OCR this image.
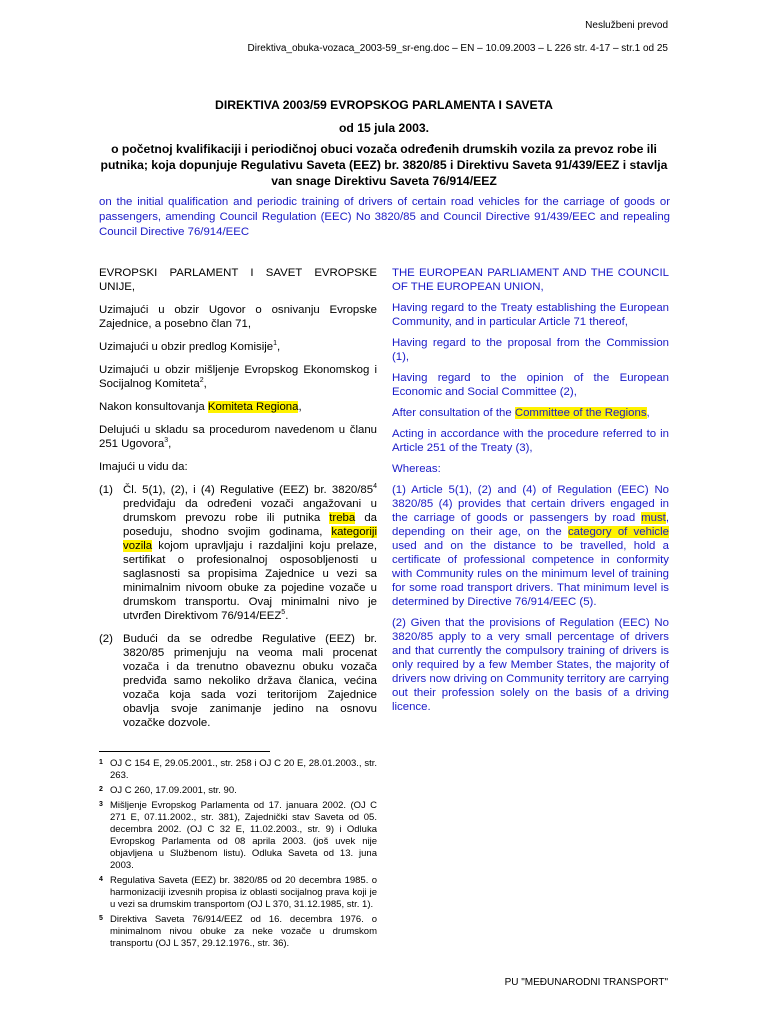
Neslužbeni prevod
Direktiva_obuka-vozaca_2003-59_sr-eng.doc – EN – 10.09.2003 – L 226 str. 4-17 – str.1 od 25
DIREKTIVA 2003/59 EVROPSKOG PARLAMENTA I SAVETA
od 15 jula 2003.
o početnoj kvalifikaciji i periodičnoj obuci vozača određenih drumskih vozila za prevoz robe ili putnika; koja dopunjuje Regulativu Saveta (EEZ) br. 3820/85 i Direktivu Saveta 91/439/EEZ i stavlja van snage Direktivu Saveta 76/914/EEZ
on the initial qualification and periodic training of drivers of certain road vehicles for the carriage of goods or passengers, amending Council Regulation (EEC) No 3820/85 and Council Directive 91/439/EEC and repealing Council Directive 76/914/EEC

EVROPSKI PARLAMENT I SAVET EVROPSKE UNIJE,

Uzimajući u obzir Ugovor o osnivanju Evropske Zajednice, a posebno član 71,

Uzimajući u obzir predlog Komisije$^1$,

Uzimajući u obzir mišljenje Evropskog Ekonomskog i Socijalnog Komiteta$^2$,

Nakon konsultovanja Komiteta Regiona,

Delujući u skladu sa procedurom navedenom u članu 251 Ugovora$^3$,

Imajući u vidu da:

(1) Čl. 5(1), (2), i (4) Regulative (EEZ) br. $3820/85^4$ predviđaju da određeni vozači angažovani u drumskom prevozu robe ili putnika treba da poseduju, shodno svojim godinama, kategoriji vozila kojom upravljaju i razdaljini koju prelaze, sertifikat o profesionalnoj osposobljenosti u saglasnosti sa propisima Zajednice u vezi sa minimalnim nivoom obuke za pojedine vozače u drumskom transportu. Ovaj minimalni nivo je utvrđen Direktivom 76/914/EEZ$^5$.
(2) Budući da se odredbe Regulative (EEZ) br. 3820/85 primenjuju na veoma mali procenat vozača i da trenutno obaveznu obuku vozača predviđa samo nekoliko država članica, većina vozača koja sada vozi teritorijom Zajednice obavlja svoje zanimanje jedino na osnovu vozačke dozvole.

THE EUROPEAN PARLIAMENT AND THE COUNCIL OF THE EUROPEAN UNION,

Having regard to the Treaty establishing the European Community, and in particular Article 71 thereof,

Having regard to the proposal from the Commission (1),

Having regard to the opinion of the European Economic and Social Committee (2),

After consultation of the Committee of the Regions,

Acting in accordance with the procedure referred to in Article 251 of the Treaty (3),

Whereas:

(1) Article 5(1), (2) and (4) of Regulation (EEC) No 3820/85 (4) provides that certain drivers engaged in the carriage of goods or passengers by road must, depending on their age, on the category of vehicle used and on the distance to be travelled, hold a certificate of professional competence in conformity with Community rules on the minimum level of training for some road transport drivers. That minimum level is determined by Directive 76/914/EEC (5).

(2) Given that the provisions of Regulation (EEC) No 3820/85 apply to a very small percentage of drivers and that currently the compulsory training of drivers is only required by a few Member States, the majority of drivers now driving on Community territory are carrying out their profession solely on the basis of a driving licence.

1 OJ C 154 E, 29.05.2001., str. 258 i OJ C 20 E, 28.01.2003., str. 263.
2 OJ C 260, 17.09.2001, str. 90.
3 Mišljenje Evropskog Parlamenta od 17. januara 2002. (OJ C 271 E, 07.11.2002., str. 381), Zajednički stav Saveta od 05. decembra 2002. (OJ C 32 E, 11.02.2003., str. 9) i Odluka Evropskog Parlamenta od 08 aprila 2003. (još uvek nije objavljena u Službenom listu). Odluka Saveta od 13. juna 2003.
4 Regulativa Saveta (EEZ) br. 3820/85 od 20 decembra 1985. o harmonizaciji izvesnih propisa iz oblasti socijalnog prava koji je u vezi sa drumskim transportom (OJ L 370, 31.12.1985, str. 1).
5 Direktiva Saveta 76/914/EEZ od 16. decembra 1976. o minimalnom nivou obuke za neke vozače u drumskom transportu (OJ L 357, 29.12.1976., str. 36).
PU "MEĐUNARODNI TRANSPORT"
